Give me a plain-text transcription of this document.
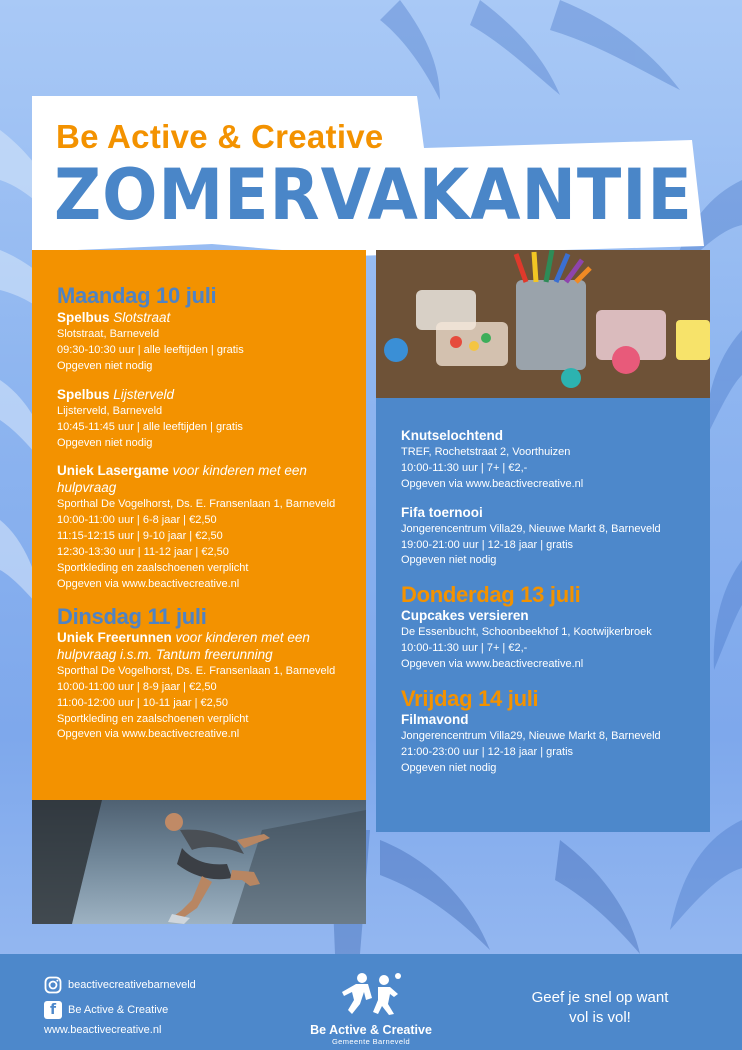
Be Active & Creative
ZOMERVAKANTIE
Maandag 10 juli
Spelbus Slotstraat
Slotstraat, Barneveld
09:30-10:30 uur | alle leeftijden | gratis
Opgeven niet nodig
Spelbus Lijsterveld
Lijsterveld, Barneveld
10:45-11:45 uur | alle leeftijden | gratis
Opgeven niet nodig
Uniek Lasergame voor kinderen met een
hulpvraag
Sporthal De Vogelhorst, Ds. E. Fransenlaan 1, Barneveld
10:00-11:00 uur | 6-8 jaar | €2,50
11:15-12:15 uur | 9-10 jaar | €2,50
12:30-13:30 uur | 11-12 jaar | €2,50
Sportkleding en zaalschoenen verplicht
Opgeven via www.beactivecreative.nl
Dinsdag 11 juli
Uniek Freerunnen voor kinderen met een
hulpvraag i.s.m. Tantum freerunning
Sporthal De Vogelhorst, Ds. E. Fransenlaan 1, Barneveld
10:00-11:00 uur | 8-9 jaar | €2,50
11:00-12:00 uur | 10-11 jaar | €2,50
Sportkleding en zaalschoenen verplicht
Opgeven via www.beactivecreative.nl
Knutselochtend
TREF, Rochetstraat 2, Voorthuizen
10:00-11:30 uur | 7+ | €2,-
Opgeven via www.beactivecreative.nl
Fifa toernooi
Jongerencentrum Villa29, Nieuwe Markt 8, Barneveld
19:00-21:00 uur | 12-18 jaar | gratis
Opgeven niet nodig
Donderdag 13 juli
Cupcakes versieren
De Essenbucht, Schoonbeekhof 1, Kootwijkerbroek
10:00-11:30 uur | 7+ | €2,-
Opgeven via www.beactivecreative.nl
Vrijdag 14 juli
Filmavond
Jongerencentrum Villa29, Nieuwe Markt 8, Barneveld
21:00-23:00 uur | 12-18 jaar | gratis
Opgeven niet nodig
beactivecreativebarneveld
f	Be Active & Creative
www.beactivecreative.nl	Be Active & Creative
Gemeente Barneveld
Geef je snel op want
vol is vol!
